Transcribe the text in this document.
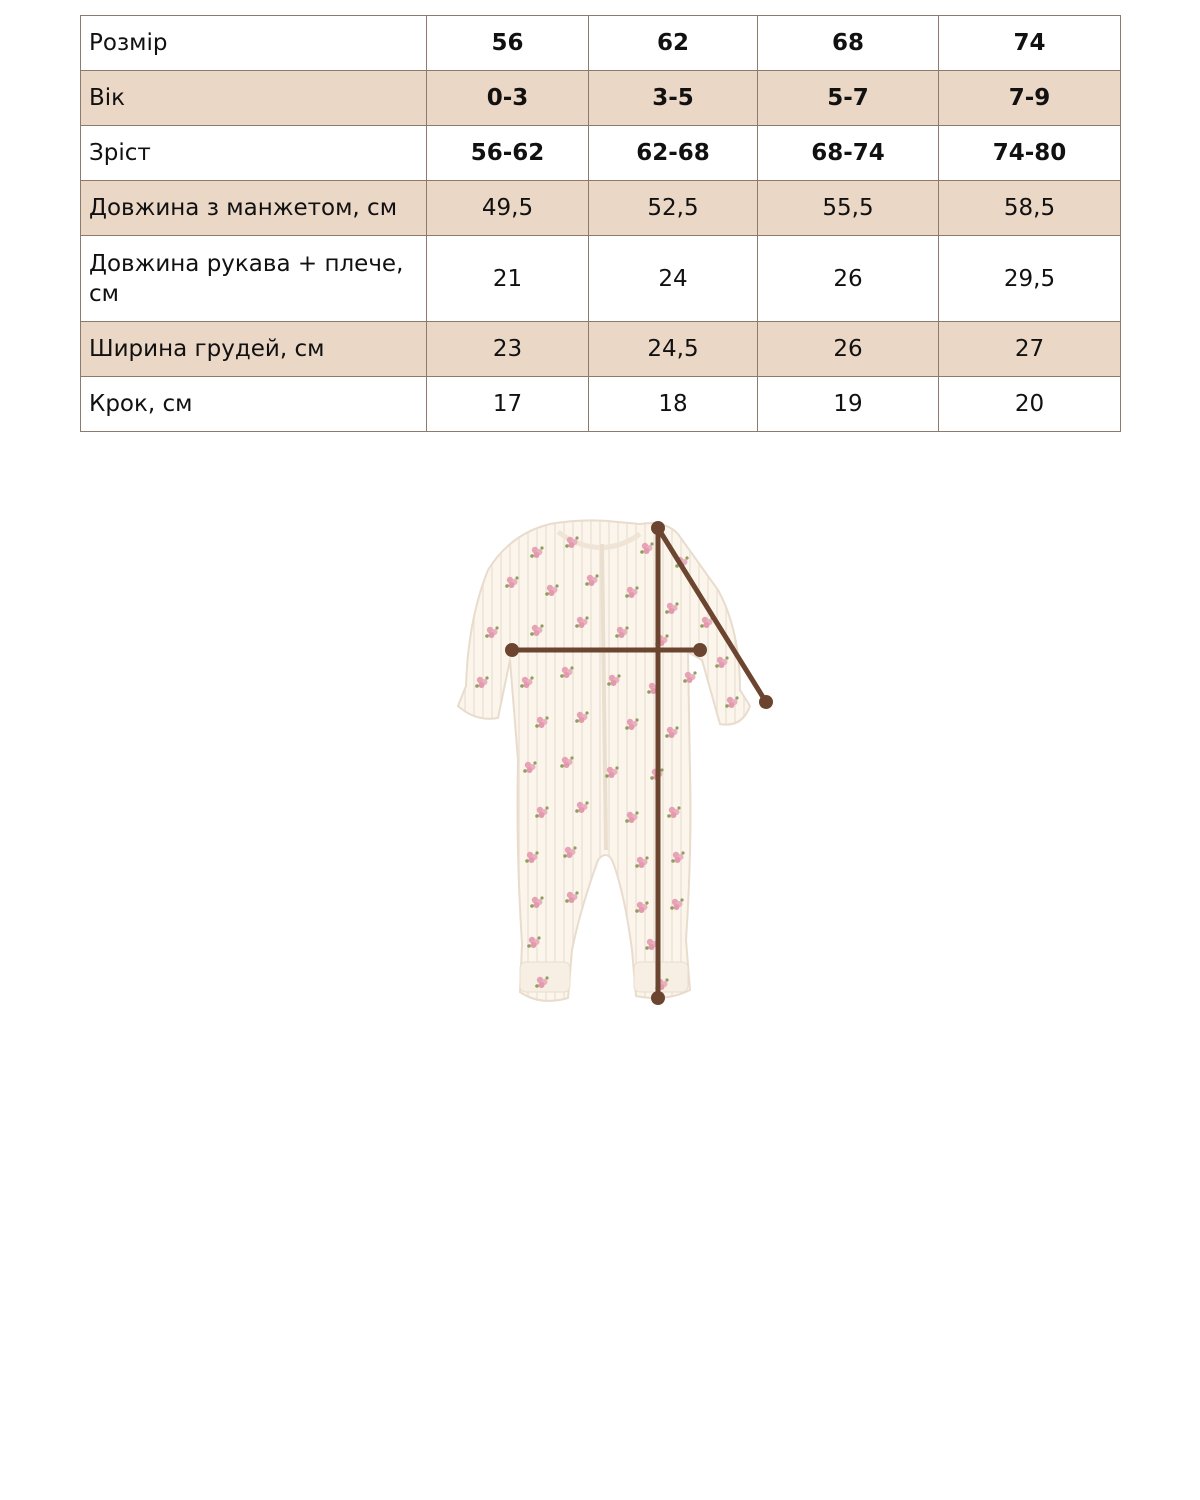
Розмір	56	62	68	74
Вік	0-3	3-5	5-7	7-9
Зріст	56-62	62-68	68-74	74-80
Довжина з манжетом, см	49,5	52,5	55,5	58,5
Довжина рукава + плече, см	21	24	26	29,5
Ширина грудей, см	23	24,5	26	27
Крок, см	17	18	19	20
